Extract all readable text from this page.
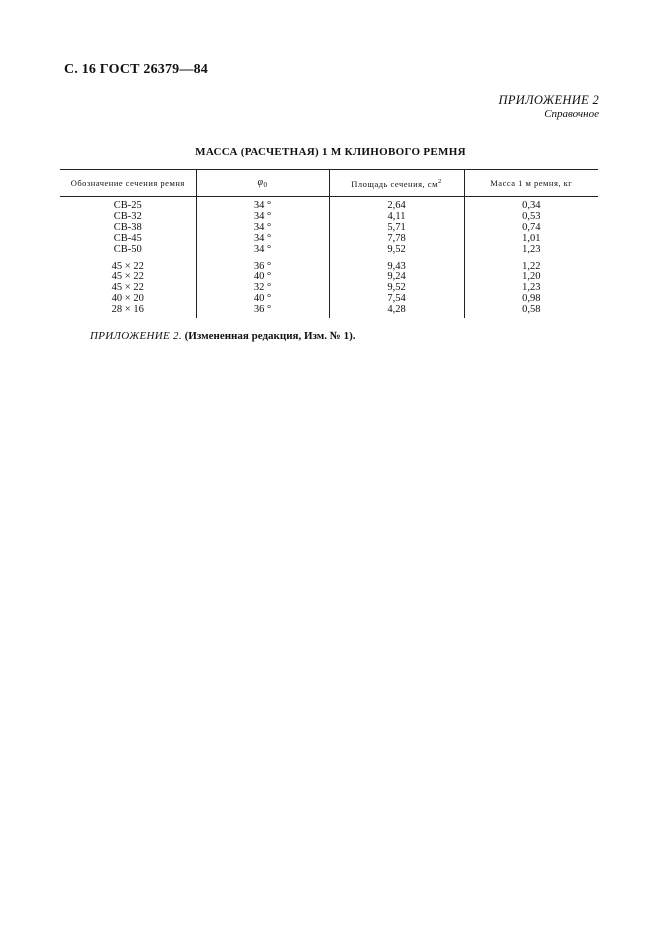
С. 16 ГОСТ 26379—84
ПРИЛОЖЕНИЕ 2
Справочное
МАССА (РАСЧЕТНАЯ) 1 М КЛИНОВОГО РЕМНЯ
Обозначение сечения ремня	$\varphi_0$	Площадь сечения, $см^2$	Масса 1 м ремня, кг
СВ-25	34 °	2,64	0,34
СВ-32	34 °	4,11	0,53
СВ-38	34 °	5,71	0,74
СВ-45	34 °	7,78	1,01
СВ-50	34 °	9,52	1,23
45 × 22	36 °	9,43	1,22
45 × 22	40 °	9,24	1,20
45 × 22	32 °	9,52	1,23
40 × 20	40 °	7,54	0,98
28 × 16	36 °	4,28	0,58
ПРИЛОЖЕНИЕ 2. (Измененная редакция, Изм. № 1).
